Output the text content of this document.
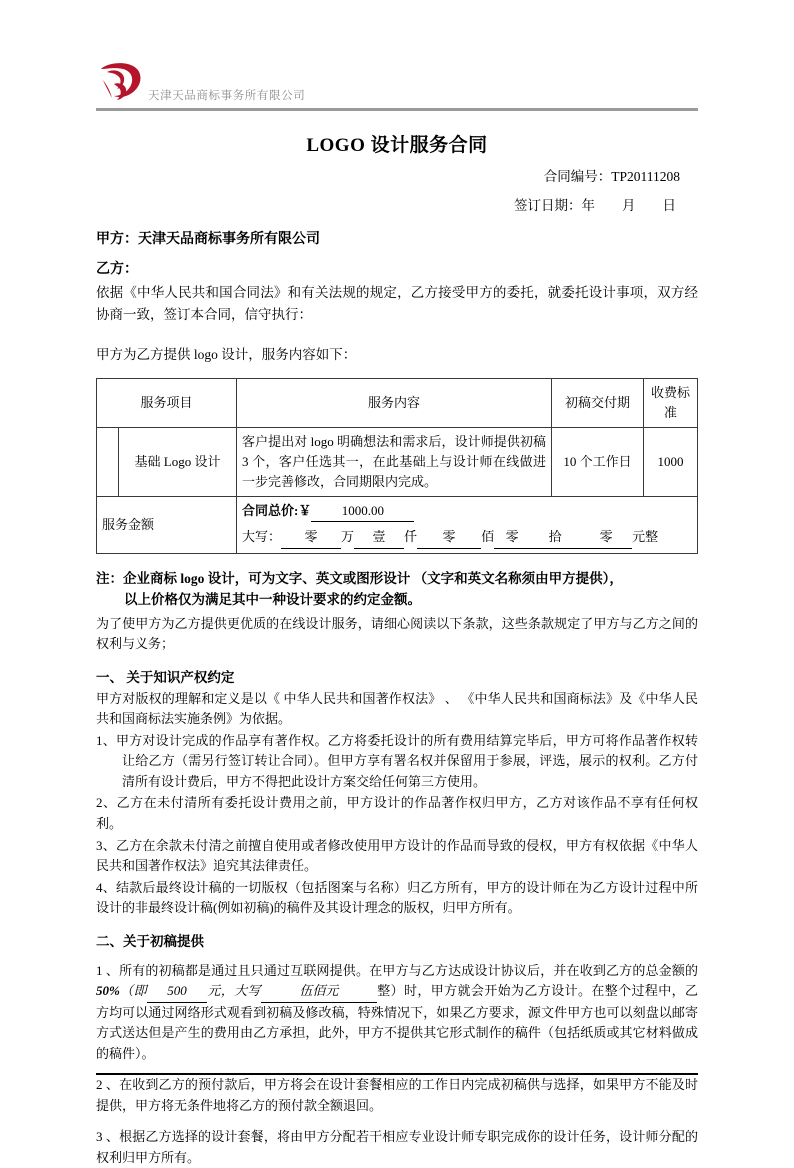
天津天品商标事务所有限公司
LOGO 设计服务合同
合同编号：TP20111208
签订日期：年        月        日
甲方：天津天品商标事务所有限公司
乙方：
依据《中华人民共和国合同法》和有关法规的规定，乙方接受甲方的委托，就委托设计事项，双方经协商一致，签订本合同，信守执行：
甲方为乙方提供 logo 设计，服务内容如下：
服务项目		服务内容	初稿交付期	收费标准
	基础 Logo 设计	客户提出对 logo 明确想法和需求后，设计师提供初稿 3 个，客户任选其一，在此基础上与设计师在线做进一步完善修改，合同期限内完成。	10 个工作日	1000
服务金额		合同总价:￥ 1000.00
大写： 零 万 壹 仟 零 佰 零 拾 零 元整		
注：企业商标 logo 设计，可为文字、英文或图形设计 （文字和英文名称须由甲方提供），
以上价格仅为满足其中一种设计要求的约定金额。
为了使甲方为乙方提供更优质的在线设计服务，请细心阅读以下条款，这些条款规定了甲方与乙方之间的权利与义务；
一、 关于知识产权约定
甲方对版权的理解和定义是以《 中华人民共和国著作权法》 、 《中华人民共和国商标法》及《中华人民共和国商标法实施条例》为依据。
1、甲方对设计完成的作品享有著作权。乙方将委托设计的所有费用结算完毕后，甲方可将作品著作权转让给乙方（需另行签订转让合同）。但甲方享有署名权并保留用于参展，评选，展示的权利。乙方付清所有设计费后，甲方不得把此设计方案交给任何第三方使用。
2、乙方在未付清所有委托设计费用之前，甲方设计的作品著作权归甲方，乙方对该作品不享有任何权利。
3、乙方在余款未付清之前擅自使用或者修改使用甲方设计的作品而导致的侵权，甲方有权依据《中华人民共和国著作权法》追究其法律责任。
4、结款后最终设计稿的一切版权（包括图案与名称）归乙方所有，甲方的设计师在为乙方设计过程中所设计的非最终设计稿(例如初稿)的稿件及其设计理念的版权，归甲方所有。
二、关于初稿提供
1 、所有的初稿都是通过且只通过互联网提供。在甲方与乙方达成设计协议后，并在收到乙方的总金额的50%（即 500 元，大写	伍佰元	整）时，甲方就会开始为乙方设计。在整个过程中，乙方均可以通过网络形式观看到初稿及修改稿，特殊情况下，如果乙方要求，源文件甲方也可以刻盘以邮寄方式送达但是产生的费用由乙方承担，此外，甲方不提供其它形式制作的稿件（包括纸质或其它材料做成的稿件）。
2 、在收到乙方的预付款后，甲方将会在设计套餐相应的工作日内完成初稿供与选择，如果甲方不能及时提供，甲方将无条件地将乙方的预付款全额退回。
3 、根据乙方选择的设计套餐，将由甲方分配若干相应专业设计师专职完成你的设计任务，设计师分配的权利归甲方所有。
